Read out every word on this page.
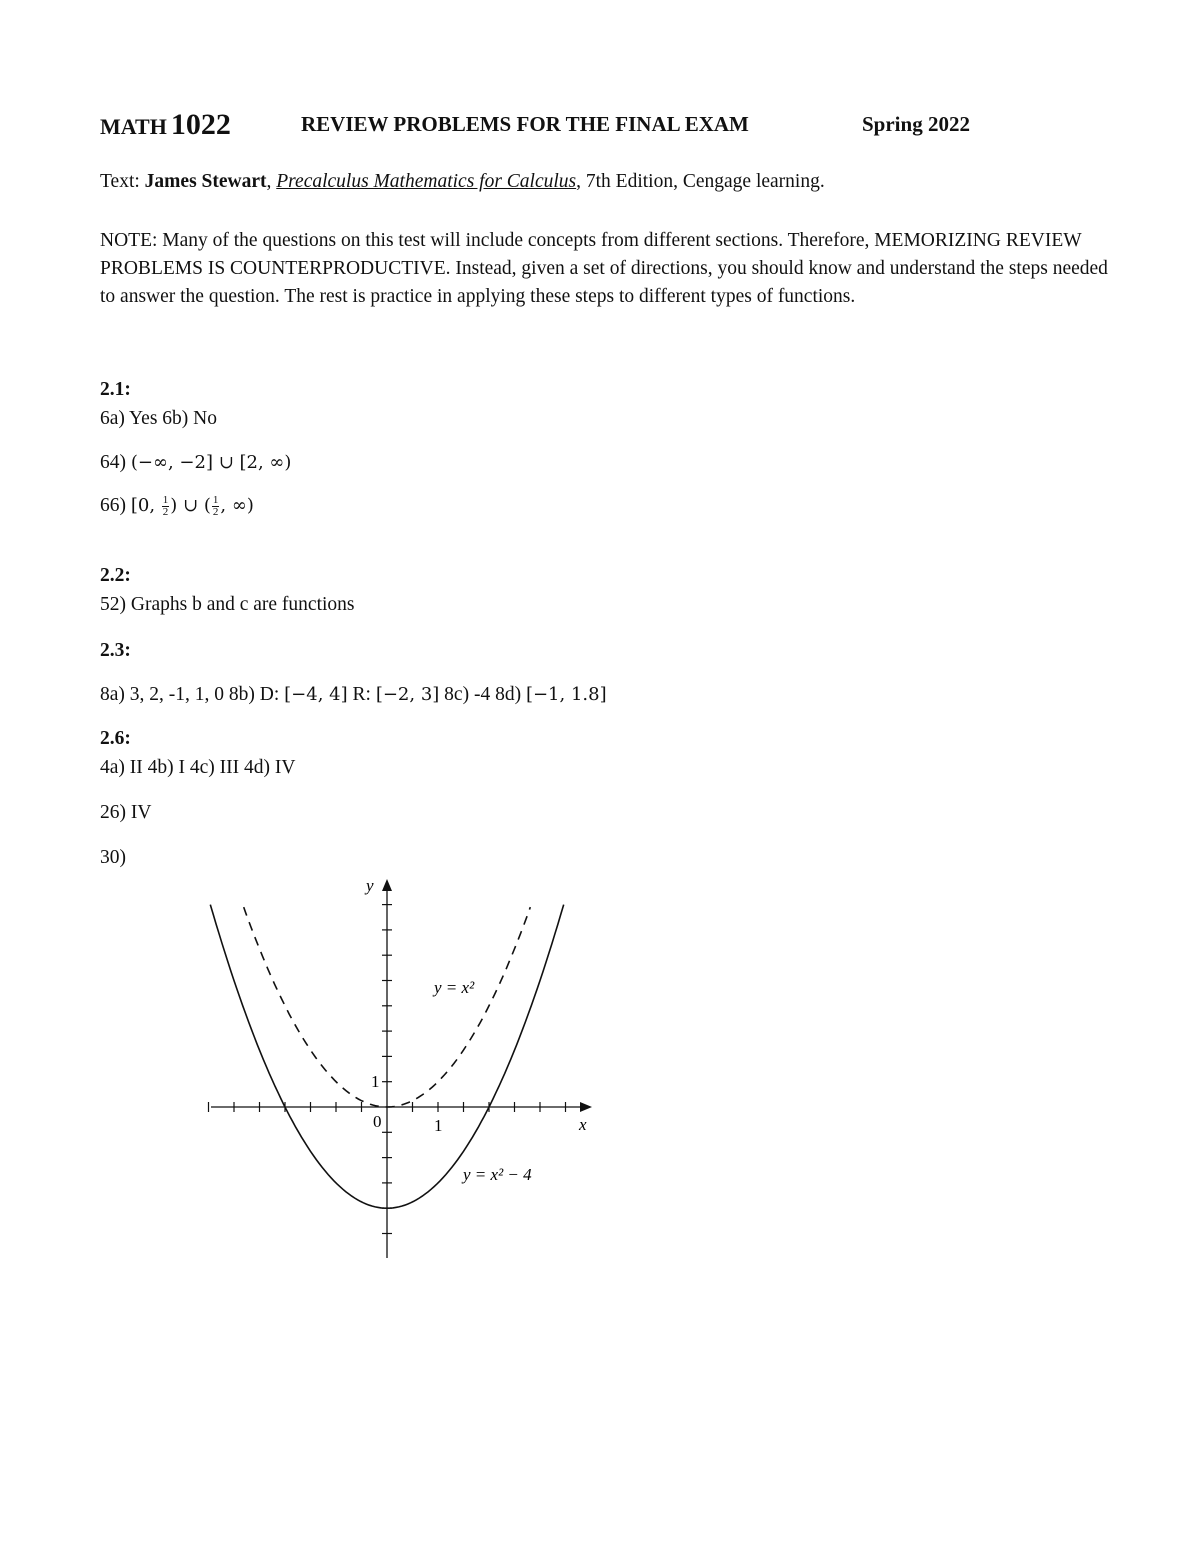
MATH 1022	REVIEW PROBLEMS FOR THE FINAL EXAM	Spring 2022
Text: James Stewart, Precalculus Mathematics for Calculus, 7th Edition, Cengage learning.
NOTE: Many of the questions on this test will include concepts from different sections. Therefore, MEMORIZING REVIEW PROBLEMS IS COUNTERPRODUCTIVE. Instead, given a set of directions, you should know and understand the steps needed to answer the question. The rest is practice in applying these steps to different types of functions.
2.1:
6a) Yes 6b) No
64) (−∞, −2] ∪ [2, ∞)
66) [0, $\frac{1}{2}$ ) ∪ ( $\frac{1}{2}$ , ∞)
2.2:
52) Graphs b and c are functions
2.3:
8a) 3, 2, -1, 1, 0 8b) D: [−4, 4] R: [−2, 3] 8c) -4 8d) [−1, 1.8]
2.6:
4a) II 4b) I 4c) III 4d) IV
26) IV
30)
y
x
0	1
1
y = x²
y = x² − 4
